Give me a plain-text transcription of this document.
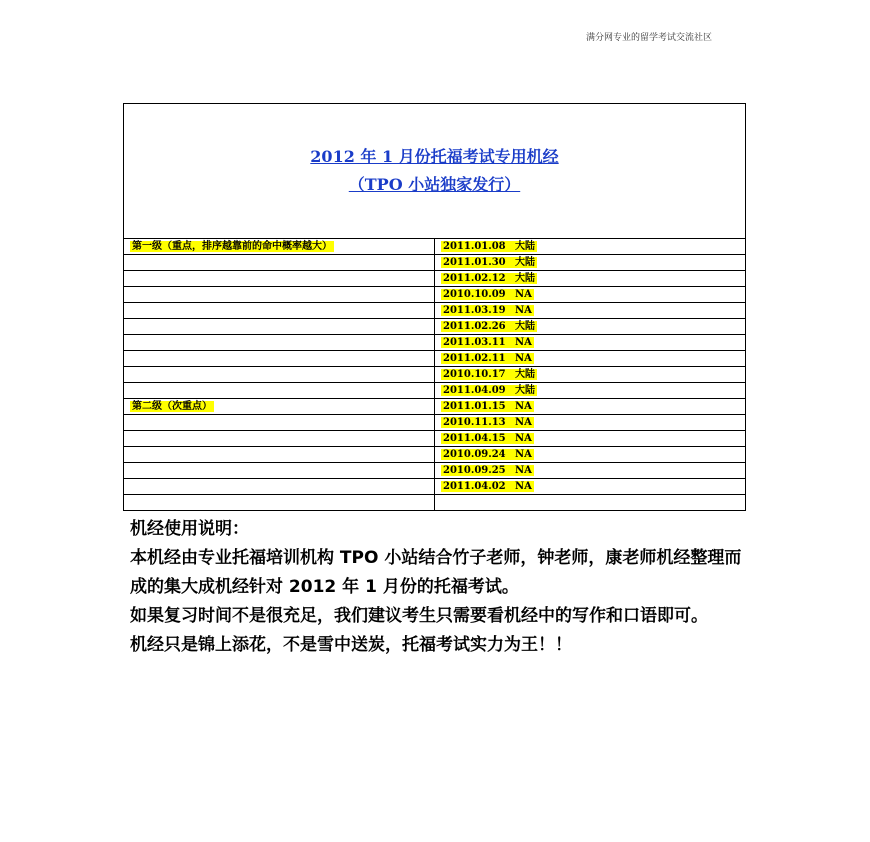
满分网专业的留学考试交流社区
2012 年 1 月份托福考试专用机经
（TPO 小站独家发行）	

第一级（重点，排序越靠前的命中概率越大）	2011.01.08 大陆
	2011.01.30 大陆
	2011.02.12 大陆
	2010.10.09 NA
	2011.03.19 NA
	2011.02.26 大陆
	2011.03.11 NA
	2011.02.11 NA
	2010.10.17 大陆
	2011.04.09 大陆
第二级（次重点）	2011.01.15 NA
	2010.11.13 NA
	2011.04.15 NA
	2010.09.24 NA
	2010.09.25 NA
	2011.04.02 NA

机经使用说明：

本机经由专业托福培训机构 TPO 小站结合竹子老师，钟老师，康老师机经整理而成的集大成机经针对 2012 年 1 月份的托福考试。

如果复习时间不是很充足，我们建议考生只需要看机经中的写作和口语即可。

机经只是锦上添花，不是雪中送炭，托福考试实力为王！！
